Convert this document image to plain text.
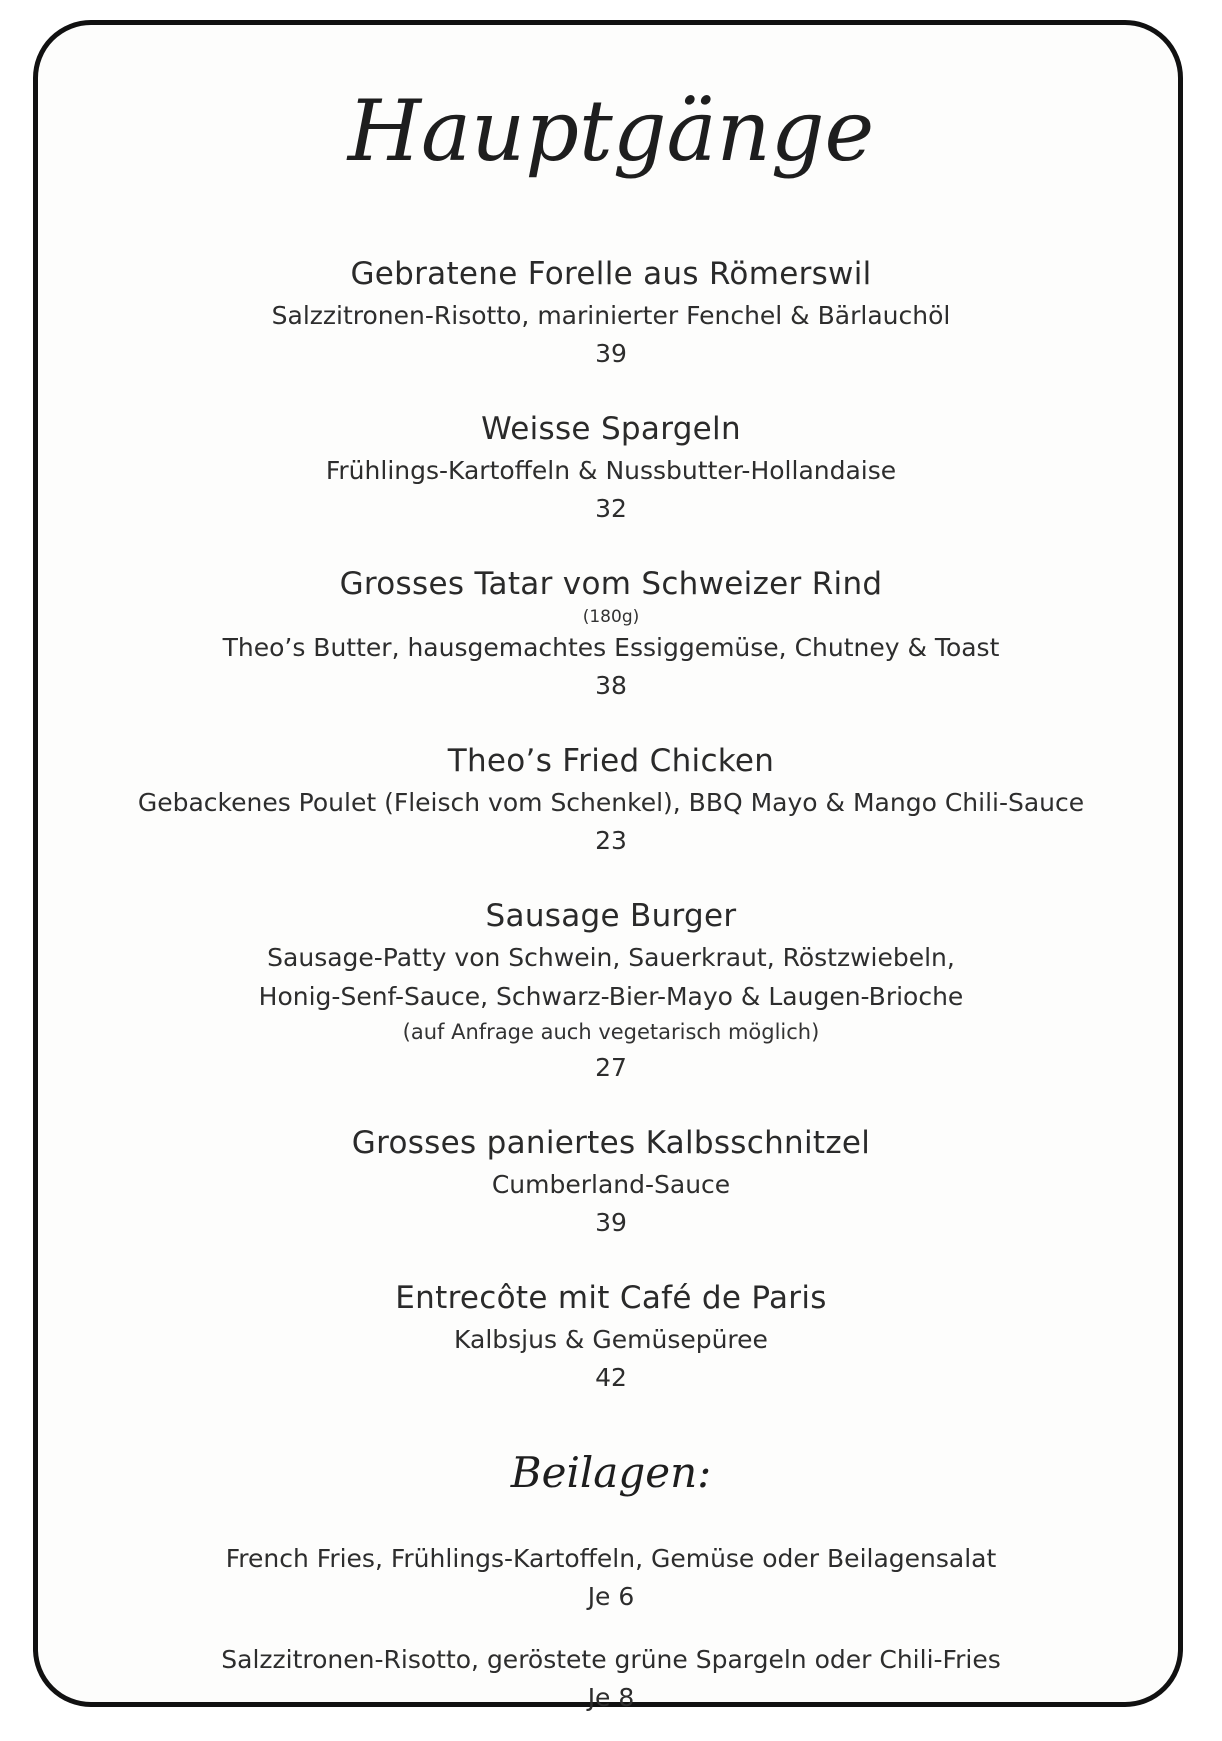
Hauptgänge
Gebratene Forelle aus Römerswil
Salzzitronen-Risotto, marinierter Fenchel & Bärlauchöl
39
Weisse Spargeln
Frühlings-Kartoffeln & Nussbutter-Hollandaise
32
Grosses Tatar vom Schweizer Rind
(180g)
Theo’s Butter, hausgemachtes Essiggemüse, Chutney & Toast
38
Theo’s Fried Chicken
Gebackenes Poulet (Fleisch vom Schenkel), BBQ Mayo & Mango Chili-Sauce
23
Sausage Burger
Sausage-Patty von Schwein, Sauerkraut, Röstzwiebeln,
Honig-Senf-Sauce, Schwarz-Bier-Mayo & Laugen-Brioche
(auf Anfrage auch vegetarisch möglich)
27
Grosses paniertes Kalbsschnitzel
Cumberland-Sauce
39
Entrecôte mit Café de Paris
Kalbsjus & Gemüsepüree
42
Beilagen:
French Fries, Frühlings-Kartoffeln, Gemüse oder Beilagensalat
Je 6
Salzzitronen-Risotto, geröstete grüne Spargeln oder Chili-Fries
Je 8
